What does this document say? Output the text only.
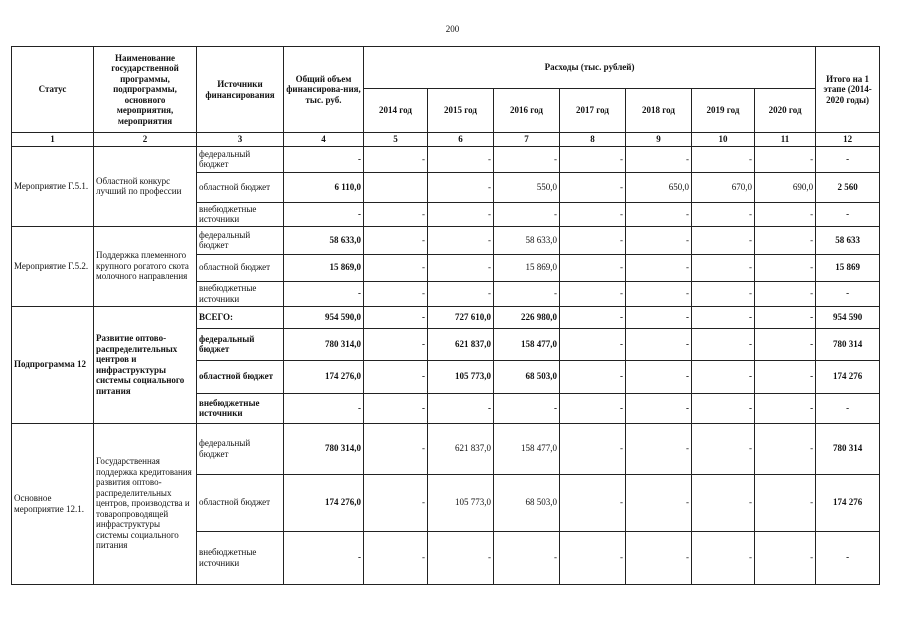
200
Статус	Наименование государственной программы, подпрограммы, основного мероприятия, мероприятия	Источники финансирования	Общий объем финансирова-ния, тыс. руб.	Расходы (тыс. рублей)							Итого на 1 этапе (2014-2020 годы)
				2014 год	2015 год	2016 год	2017 год	2018 год	2019 год	2020 год	
1	2	3	4	5	6	7	8	9	10	11	12
Мероприятие Г.5.1.	Областной конкурс лучший по профессии	федеральный бюджет	-	-	-	-	-	-	-	-	-
		областной бюджет	6 110,0		-	550,0	-	650,0	670,0	690,0	2 560
		внебюджетные источники	-	-	-	-	-	-	-	-	-
Мероприятие Г.5.2.	Поддержка племенного крупного рогатого скота молочного направления	федеральный бюджет	58 633,0	-	-	58 633,0	-	-	-	-	58 633
		областной бюджет	15 869,0	-	-	15 869,0	-	-	-	-	15 869
		внебюджетные источники	-	-	-	-	-	-	-	-	-
Подпрограмма 12	Развитие оптово-распределительных центров и инфраструктуры системы социального питания	ВСЕГО:	954 590,0	-	727 610,0	226 980,0	-	-	-	-	954 590
		федеральный бюджет	780 314,0	-	621 837,0	158 477,0	-	-	-	-	780 314
		областной бюджет	174 276,0	-	105 773,0	68 503,0	-	-	-	-	174 276
		внебюджетные источники	-	-	-	-	-	-	-	-	-
Основное мероприятие 12.1.	Государственная поддержка кредитования развития оптово-распределительных центров, производства и товаропроводящей инфраструктуры системы социального питания	федеральный бюджет	780 314,0	-	621 837,0	158 477,0	-	-	-	-	780 314
		областной бюджет	174 276,0	-	105 773,0	68 503,0	-	-	-	-	174 276
		внебюджетные источники	-	-	-	-	-	-	-	-	-
